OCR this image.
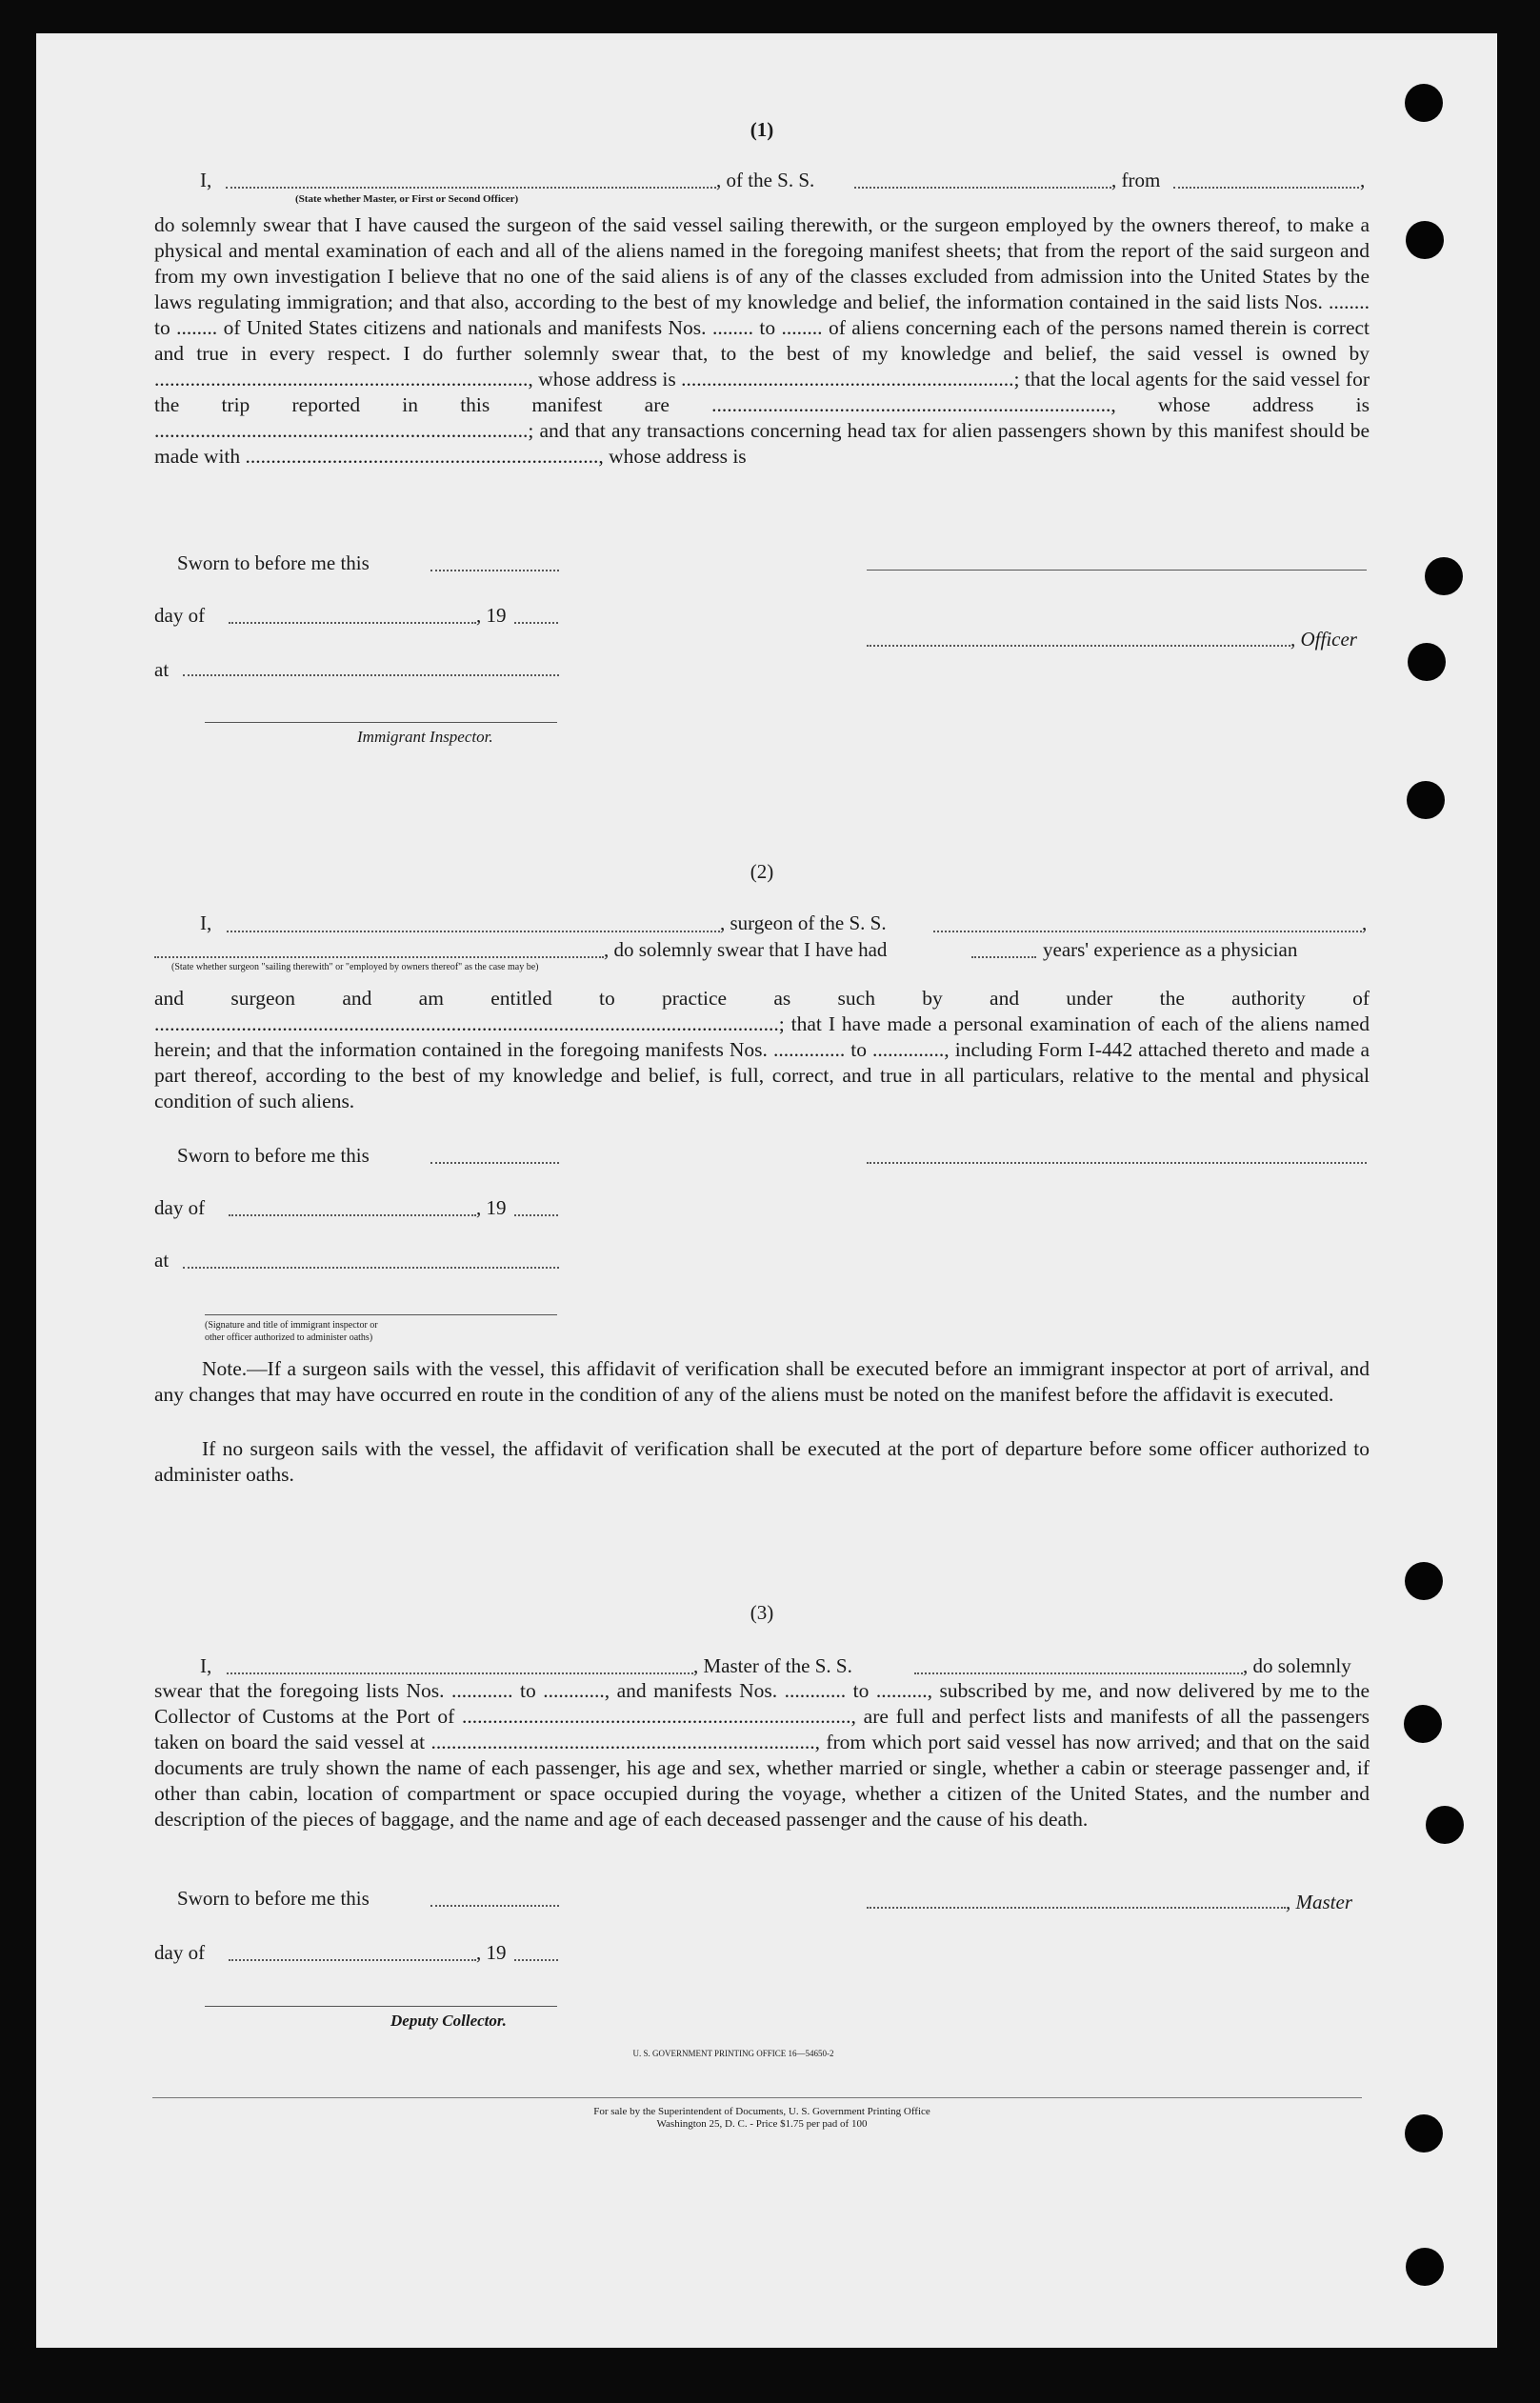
(1)
I,	, of the S. S.	, from	,
(State whether Master, or First or Second Officer)
do solemnly swear that I have caused the surgeon of the said vessel sailing therewith, or the surgeon employed by the owners thereof, to make a physical and mental examination of each and all of the aliens named in the foregoing manifest sheets; that from the report of the said surgeon and from my own investigation I believe that no one of the said aliens is of any of the classes excluded from admission into the United States by the laws regulating immigration; and that also, according to the best of my knowledge and belief, the information contained in the said lists Nos. ........ to ........ of United States citizens and nationals and manifests Nos. ........ to ........ of aliens concerning each of the persons named therein is correct and true in every respect. I do further solemnly swear that, to the best of my knowledge and belief, the said vessel is owned by ........................................................................., whose address is .................................................................; that the local agents for the said vessel for the trip reported in this manifest are .............................................................................., whose address is .........................................................................; and that any transactions concerning head tax for alien passengers shown by this manifest should be made with ....................................................................., whose address is
Sworn to before me this
day of	, 19
, Officer
at
Immigrant Inspector.
(2)
I,	, surgeon of the S. S.	,
, do solemnly swear that I have had	years' experience as a physician
(State whether surgeon "sailing therewith" or "employed by owners thereof" as the case may be)
and surgeon and am entitled to practice as such by and under the authority of ..........................................................................................................................; that I have made a personal examination of each of the aliens named herein; and that the information contained in the foregoing manifests Nos. .............. to .............., including Form I-442 attached thereto and made a part thereof, according to the best of my knowledge and belief, is full, correct, and true in all particulars, relative to the mental and physical condition of such aliens.
Sworn to before me this
day of	, 19
at
(Signature and title of immigrant inspector or
other officer authorized to administer oaths)
Note.—If a surgeon sails with the vessel, this affidavit of verification shall be executed before an immigrant inspector at port of arrival, and any changes that may have occurred en route in the condition of any of the aliens must be noted on the manifest before the affidavit is executed.
If no surgeon sails with the vessel, the affidavit of verification shall be executed at the port of departure before some officer authorized to administer oaths.
(3)
I,	, Master of the S. S.	, do solemnly
swear that the foregoing lists Nos. ............ to ............, and manifests Nos. ............ to .........., subscribed by me, and now delivered by me to the Collector of Customs at the Port of ............................................................................, are full and perfect lists and manifests of all the passengers taken on board the said vessel at ..........................................................................., from which port said vessel has now arrived; and that on the said documents are truly shown the name of each passenger, his age and sex, whether married or single, whether a cabin or steerage passenger and, if other than cabin, location of compartment or space occupied during the voyage, whether a citizen of the United States, and the number and description of the pieces of baggage, and the name and age of each deceased passenger and the cause of his death.
Sworn to before me this	, Master
day of	, 19
Deputy Collector.
U. S. GOVERNMENT PRINTING OFFICE 16—54650-2
For sale by the Superintendent of Documents, U. S. Government Printing Office
Washington 25, D. C. - Price $1.75 per pad of 100
